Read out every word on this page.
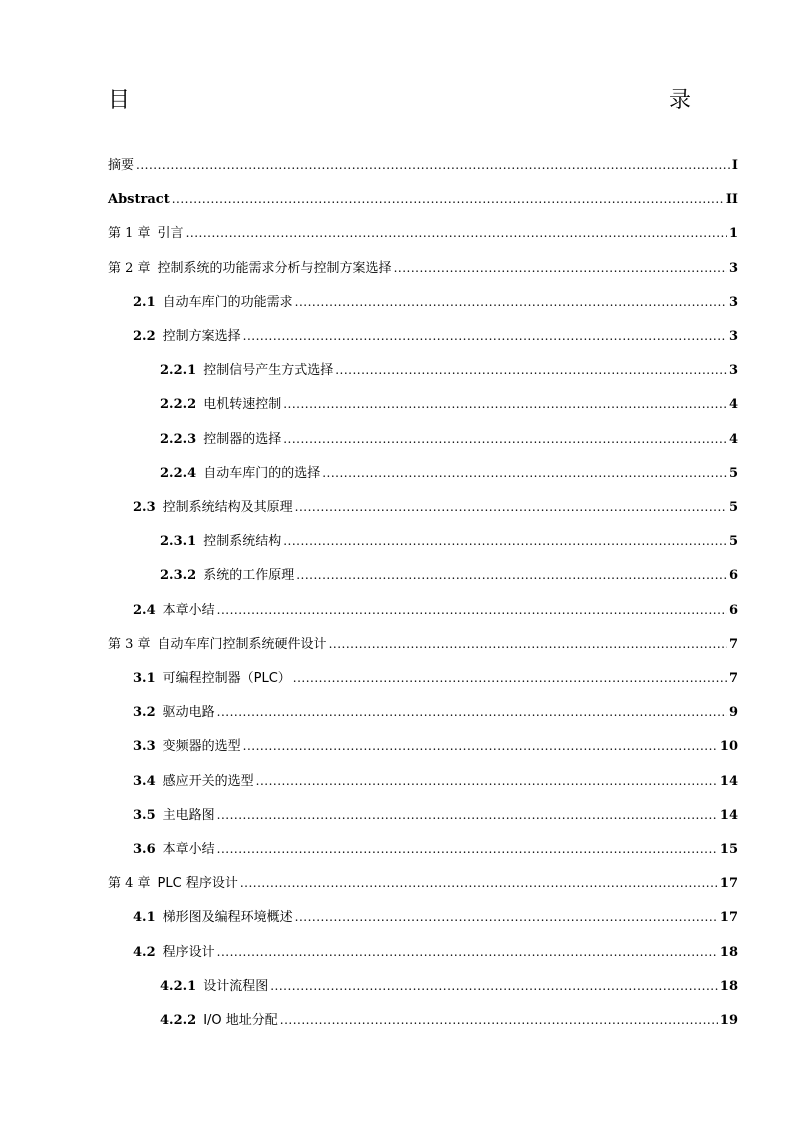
目	录
摘要 .....	I
Abstract .....	II
第 1 章 引言 .....	1
第 2 章 控制系统的功能需求分析与控制方案选择 .....	3
2.1 自动车库门的功能需求 .....	3
2.2 控制方案选择 .....	3
2.2.1 控制信号产生方式选择 .....	3
2.2.2 电机转速控制 .....	4
2.2.3 控制器的选择 .....	4
2.2.4 自动车库门的的选择 .....	5
2.3 控制系统结构及其原理 .....	5
2.3.1 控制系统结构 .....	5
2.3.2 系统的工作原理 .....	6
2.4 本章小结 .....	6
第 3 章 自动车库门控制系统硬件设计 .....	7
3.1 可编程控制器（PLC） .....	7
3.2 驱动电路 .....	9
3.3 变频器的选型 .....	10
3.4 感应开关的选型 .....	14
3.5 主电路图 .....	14
3.6 本章小结 .....	15
第 4 章 PLC 程序设计 .....	17
4.1 梯形图及编程环境概述 .....	17
4.2 程序设计 .....	18
4.2.1 设计流程图 .....	18
4.2.2 I/O 地址分配 .....	19
